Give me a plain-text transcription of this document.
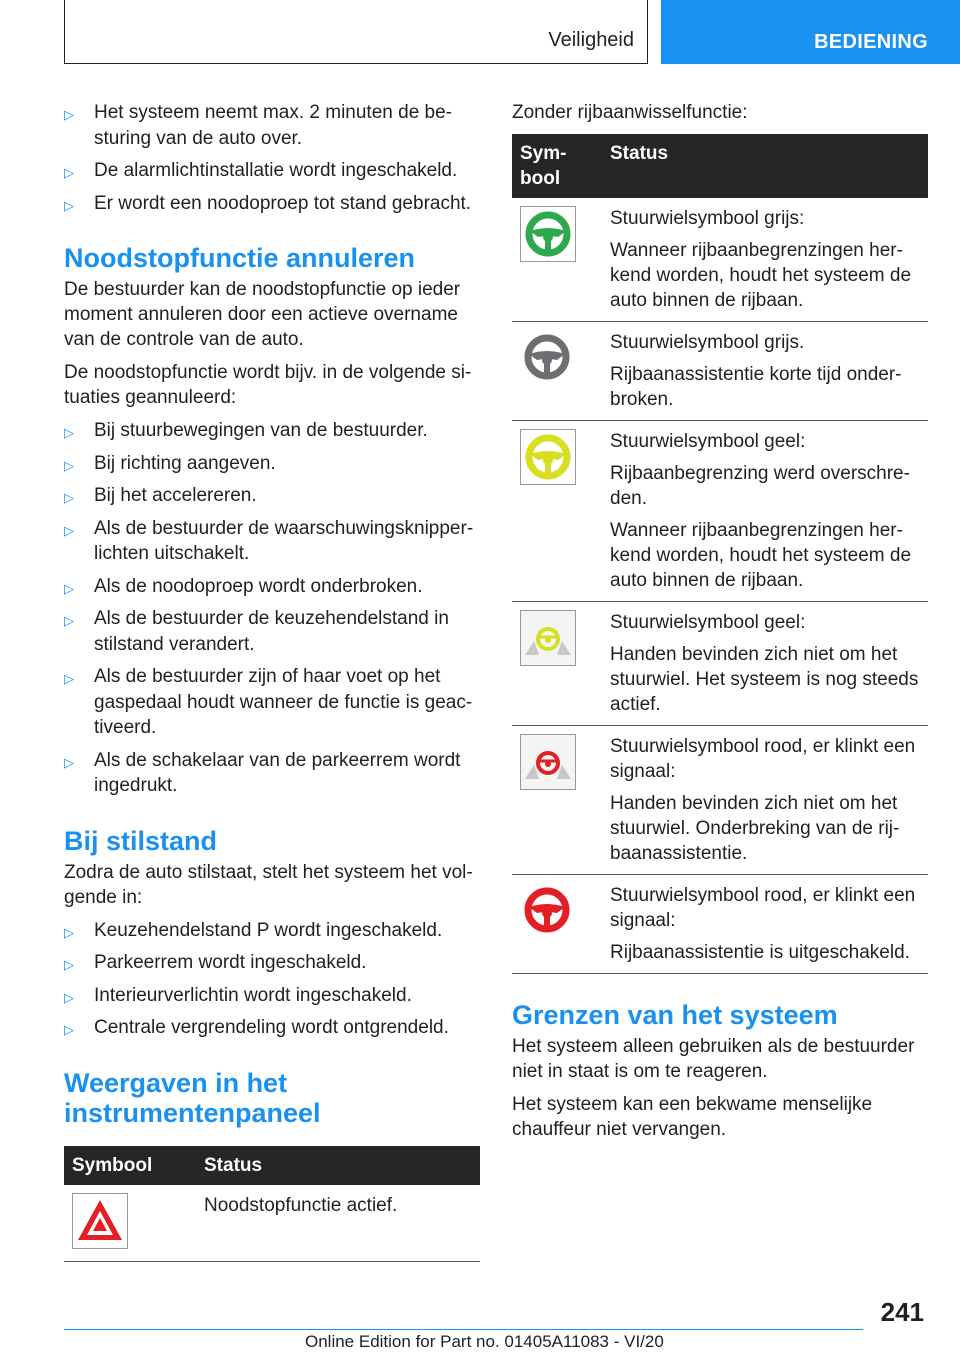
Veiligheid	BEDIENING
▷ Het systeem neemt max. 2 minuten de be-sturing van de auto over.
▷ De alarmlichtinstallatie wordt ingeschakeld.
▷ Er wordt een noodoproep tot stand gebracht.
Noodstopfunctie annuleren

De bestuurder kan de noodstopfunctie op ieder moment annuleren door een actieve overname van de controle van de auto.

De noodstopfunctie wordt bijv. in de volgende si-tuaties geannuleerd:

▷ Bij stuurbewegingen van de bestuurder.
▷ Bij richting aangeven.
▷ Bij het accelereren.
▷ Als de bestuurder de waarschuwingsknipper-lichten uitschakelt.
▷ Als de noodoproep wordt onderbroken.
▷ Als de bestuurder de keuzehendelstand in stilstand verandert.
▷ Als de bestuurder zijn of haar voet op het gaspedaal houdt wanneer de functie is geac-tiveerd.
▷ Als de schakelaar van de parkeerrem wordt ingedrukt.
Bij stilstand

Zodra de auto stilstaat, stelt het systeem het vol-gende in:

▷ Keuzehendelstand P wordt ingeschakeld.
▷ Parkeerrem wordt ingeschakeld.
▷ Interieurverlichtin wordt ingeschakeld.
▷ Centrale vergrendeling wordt ontgrendeld.
Weergaven in het instrumentenpaneel
Symbool	Status

	Noodstopfunctie actief.

Zonder rijbaanwisselfunctie:

Sym-bool	Status

Stuurwielsymbool grijs:
Wanneer rijbaanbegrenzingen her-kend worden, houdt het systeem de auto binnen de rijbaan.

Stuurwielsymbool grijs.
Rijbaanassistentie korte tijd onder-broken.

Stuurwielsymbool geel:
Rijbaanbegrenzing werd overschre-den.
Wanneer rijbaanbegrenzingen her-kend worden, houdt het systeem de auto binnen de rijbaan.

Stuurwielsymbool geel:
Handen bevinden zich niet om het stuurwiel. Het systeem is nog steeds actief.

Stuurwielsymbool rood, er klinkt een signaal:
Handen bevinden zich niet om het stuurwiel. Onderbreking van de rij-baanassistentie.

Stuurwielsymbool rood, er klinkt een signaal:
Rijbaanassistentie is uitgeschakeld.
Grenzen van het systeem

Het systeem alleen gebruiken als de bestuurder niet in staat is om te reageren.

Het systeem kan een bekwame menselijke chauffeur niet vervangen.

241
Online Edition for Part no. 01405A11083 - VI/20
